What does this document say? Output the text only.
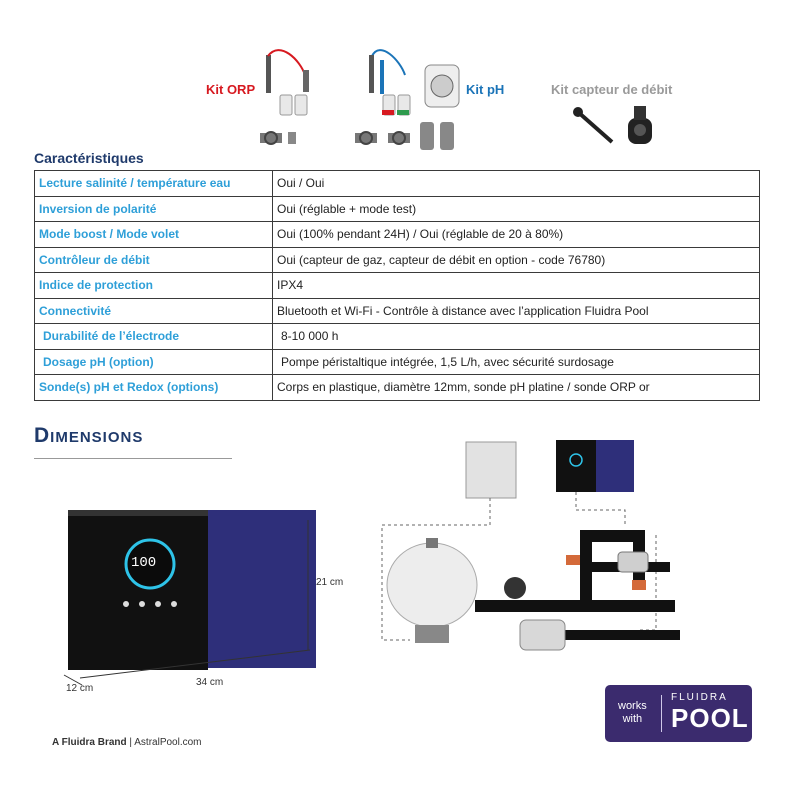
Kit ORP	Kit pH	Kit capteur de débit
Caractéristiques
Lecture salinité / température eau	Oui / Oui
Inversion de polarité	Oui (réglable + mode test)
Mode boost / Mode volet	Oui (100% pendant 24H) / Oui (réglable de 20 à 80%)
Contrôleur de débit	Oui (capteur de gaz, capteur de débit en option - code 76780)
Indice de protection	IPX4
Connectivité	Bluetooth et Wi-Fi - Contrôle à distance avec l’application Fluidra Pool
Durabilité de l’électrode	8-10 000 h
Dosage pH (option)	Pompe péristaltique intégrée, 1,5 L/h, avec sécurité surdosage
Sonde(s) pH et Redox (options)	Corps en plastique, diamètre 12mm, sonde pH platine / sonde ORP or
Dimensions
100
21 cm
34 cm
12 cm
A Fluidra Brand | AstralPool.com
works
with
FLUIDRA
POOL
